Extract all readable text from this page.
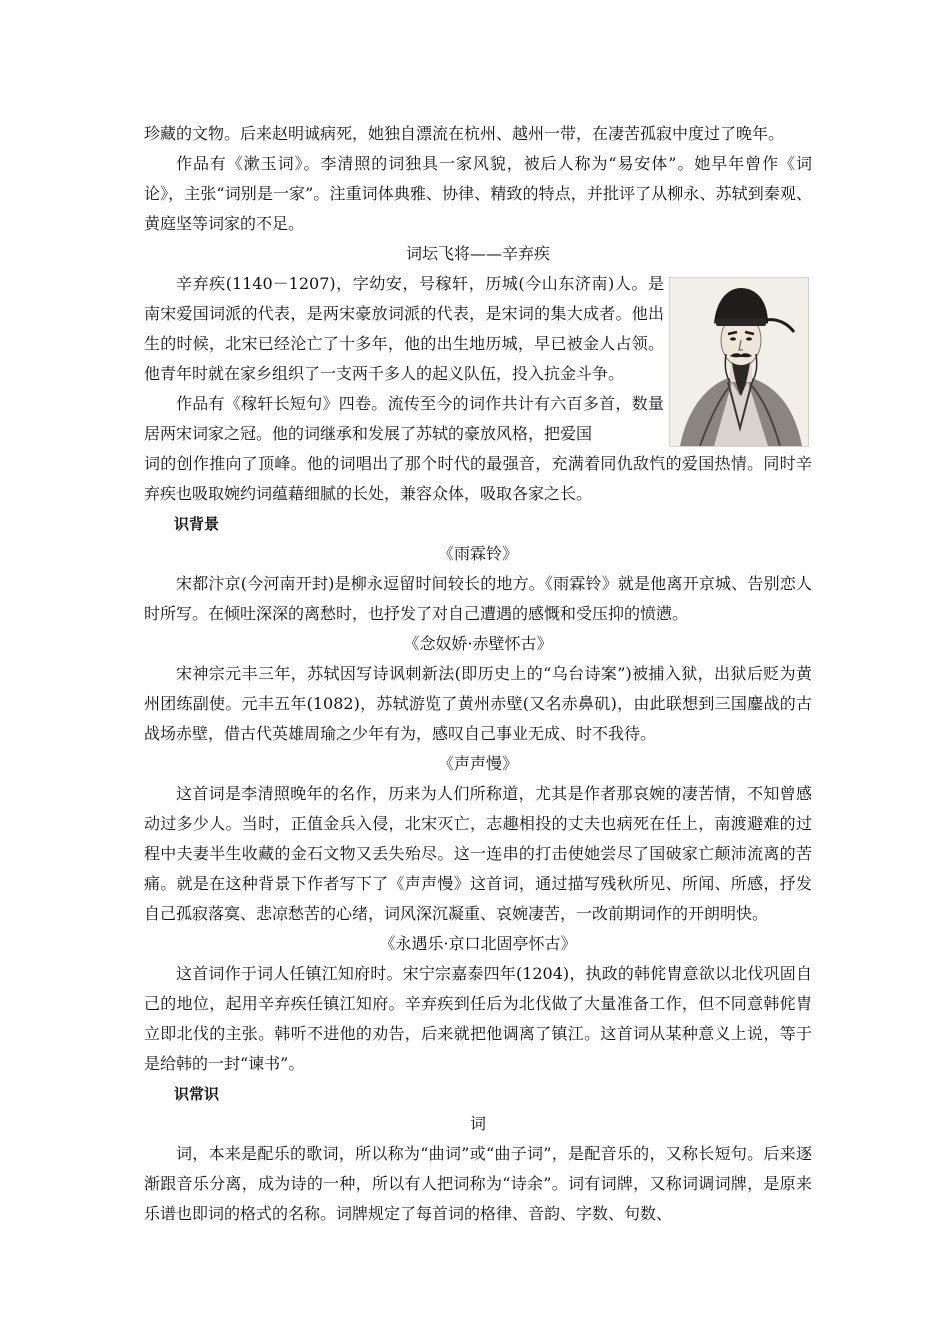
珍藏的文物。后来赵明诚病死，她独自漂流在杭州、越州一带，在凄苦孤寂中度过了晚年。

作品有《漱玉词》。李清照的词独具一家风貌，被后人称为“易安体”。她早年曾作《词论》，主张“词别是一家”。注重词体典雅、协律、精致的特点，并批评了从柳永、苏轼到秦观、黄庭坚等词家的不足。

词坛飞将——辛弃疾

辛弃疾(1140－1207)，字幼安，号稼轩，历城(今山东济南)人。是南宋爱国词派的代表，是两宋豪放词派的代表，是宋词的集大成者。他出生的时候，北宋已经沦亡了十多年，他的出生地历城，早已被金人占领。他青年时就在家乡组织了一支两千多人的起义队伍，投入抗金斗争。

作品有《稼轩长短句》四卷。流传至今的词作共计有六百多首，数量居两宋词家之冠。他的词继承和发展了苏轼的豪放风格，把爱国

词的创作推向了顶峰。他的词唱出了那个时代的最强音，充满着同仇敌忾的爱国热情。同时辛弃疾也吸取婉约词蕴藉细腻的长处，兼容众体，吸取各家之长。

识背景

《雨霖铃》

宋都汴京(今河南开封)是柳永逗留时间较长的地方。《雨霖铃》就是他离开京城、告别恋人时所写。在倾吐深深的离愁时，也抒发了对自己遭遇的感慨和受压抑的愤懑。

《念奴娇·赤壁怀古》

宋神宗元丰三年，苏轼因写诗讽刺新法(即历史上的“乌台诗案”)被捕入狱，出狱后贬为黄州团练副使。元丰五年(1082)，苏轼游览了黄州赤壁(又名赤鼻矶)，由此联想到三国鏖战的古战场赤壁，借古代英雄周瑜之少年有为，感叹自己事业无成、时不我待。

《声声慢》

这首词是李清照晚年的名作，历来为人们所称道，尤其是作者那哀婉的凄苦情，不知曾感动过多少人。当时，正值金兵入侵，北宋灭亡，志趣相投的丈夫也病死在任上，南渡避难的过程中夫妻半生收藏的金石文物又丢失殆尽。这一连串的打击使她尝尽了国破家亡颠沛流离的苦痛。就是在这种背景下作者写下了《声声慢》这首词，通过描写残秋所见、所闻、所感，抒发自己孤寂落寞、悲凉愁苦的心绪，词风深沉凝重、哀婉凄苦，一改前期词作的开朗明快。

《永遇乐·京口北固亭怀古》

这首词作于词人任镇江知府时。宋宁宗嘉泰四年(1204)，执政的韩侂胄意欲以北伐巩固自己的地位，起用辛弃疾任镇江知府。辛弃疾到任后为北伐做了大量准备工作，但不同意韩侂胄立即北伐的主张。韩听不进他的劝告，后来就把他调离了镇江。这首词从某种意义上说，等于是给韩的一封“谏书”。

识常识

词

词，本来是配乐的歌词，所以称为“曲词”或“曲子词”，是配音乐的，又称长短句。后来逐渐跟音乐分离，成为诗的一种，所以有人把词称为“诗余”。词有词牌，又称词调词牌，是原来乐谱也即词的格式的名称。词牌规定了每首词的格律、音韵、字数、句数、
